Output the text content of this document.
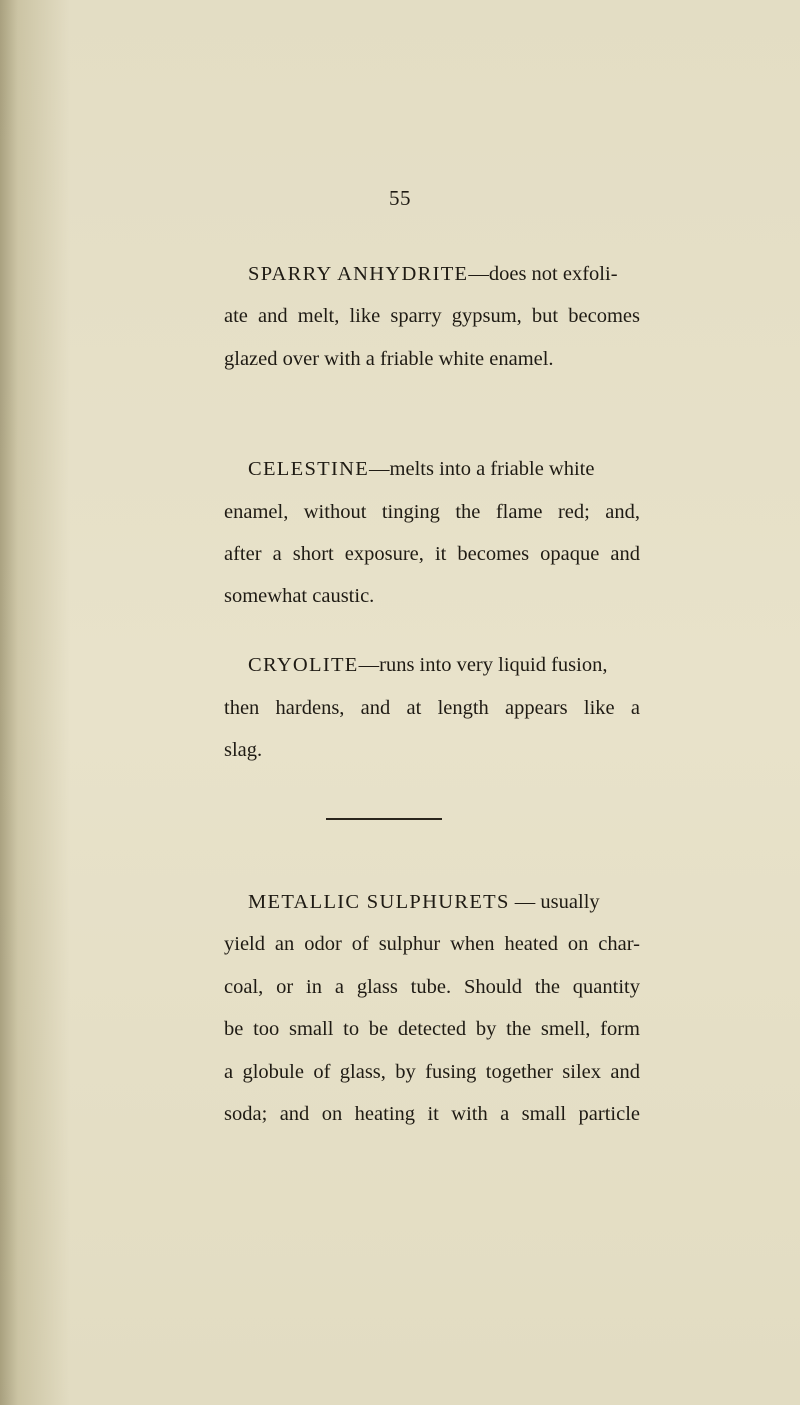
55
SPARRY ANHYDRITE—does not exfoli-
ate and melt, like sparry gypsum, but becomes
glazed over with a friable white enamel.
CELESTINE—melts into a friable white
enamel, without tinging the flame red; and,
after a short exposure, it becomes opaque and
somewhat caustic.
CRYOLITE—runs into very liquid fusion,
then hardens, and at length appears like a
slag.
METALLIC SULPHURETS — usually
yield an odor of sulphur when heated on char-
coal, or in a glass tube. Should the quantity
be too small to be detected by the smell, form
a globule of glass, by fusing together silex and
soda; and on heating it with a small particle
